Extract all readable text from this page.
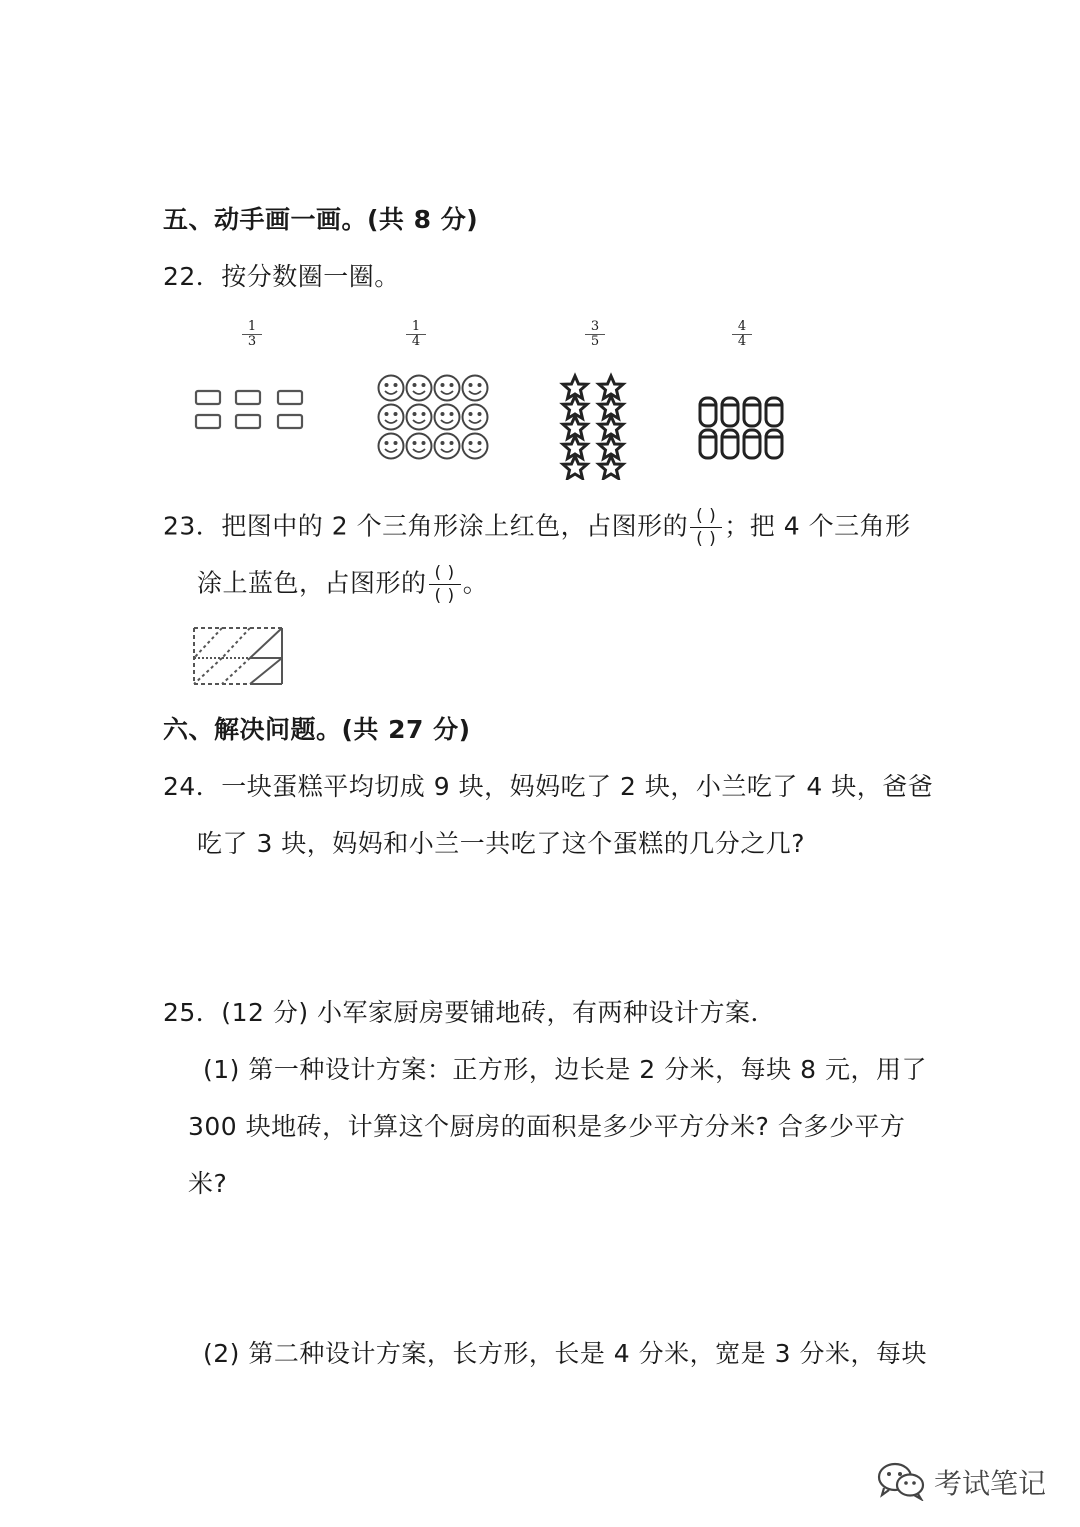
五、动手画一画。(共 8 分)
22．按分数圈一圈。
$\frac{1}{3}$	$\frac{1}{4}$	$\frac{3}{5}$	$\frac{4}{4}$
23．把图中的 2 个三角形涂上红色，占图形的 $\frac{( )}{( )}$ ；把 4 个三角形
涂上蓝色，占图形的 $\frac{( )}{( )}$ 。
六、解决问题。(共 27 分)
24．一块蛋糕平均切成 9 块，妈妈吃了 2 块，小兰吃了 4 块，爸爸
吃了 3 块，妈妈和小兰一共吃了这个蛋糕的几分之几?
25．(12 分) 小军家厨房要铺地砖，有两种设计方案．
(1) 第一种设计方案：正方形，边长是 2 分米，每块 8 元，用了
300 块地砖，计算这个厨房的面积是多少平方分米? 合多少平方
米?
(2) 第二种设计方案，长方形，长是 4 分米，宽是 3 分米，每块
考试笔记
